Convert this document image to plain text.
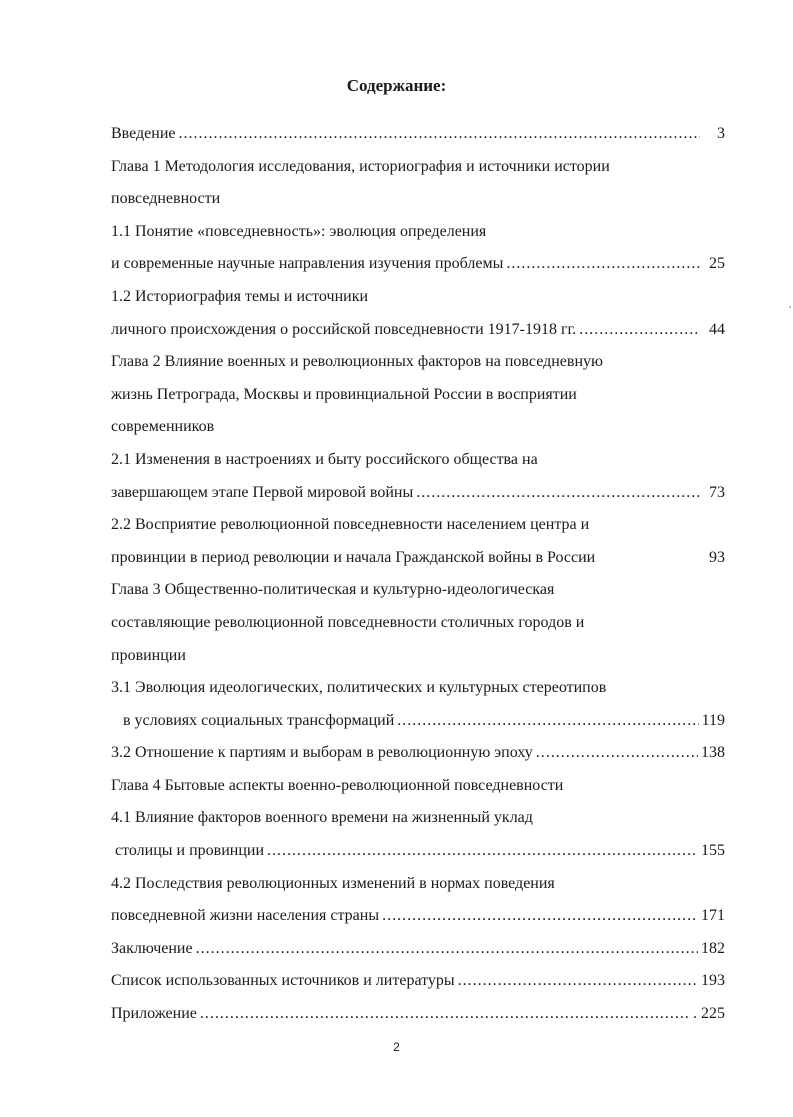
Содержание:
Введение .....	3
Глава 1 Методология исследования, историография и источники истории
повседневности
1.1 Понятие «повседневность»: эволюция определения
и современные научные направления изучения проблемы .....	25
1.2 Историография темы и источники
личного происхождения о российской повседневности 1917-1918 гг. .....	44
Глава 2 Влияние военных и революционных факторов на повседневную
жизнь Петрограда, Москвы и провинциальной России в восприятии
современников
2.1 Изменения в настроениях и быту российского общества на
завершающем этапе Первой мировой войны .....	73
2.2 Восприятие революционной повседневности населением центра и
провинции в период революции и начала Гражданской войны в России	93
Глава 3 Общественно-политическая и культурно-идеологическая
составляющие революционной повседневности столичных городов и
провинции
3.1 Эволюция идеологических, политических и культурных стереотипов
в условиях социальных трансформаций .....	119
3.2 Отношение к партиям и выборам в революционную эпоху .....	138
Глава 4 Бытовые аспекты военно-революционной повседневности
4.1 Влияние факторов военного времени на жизненный уклад
столицы и провинции .....	155
4.2 Последствия революционных изменений в нормах поведения
повседневной жизни населения страны .....	171
Заключение .....	182
Список использованных источников и литературы .....	193
Приложение .....	. 225
'
2
